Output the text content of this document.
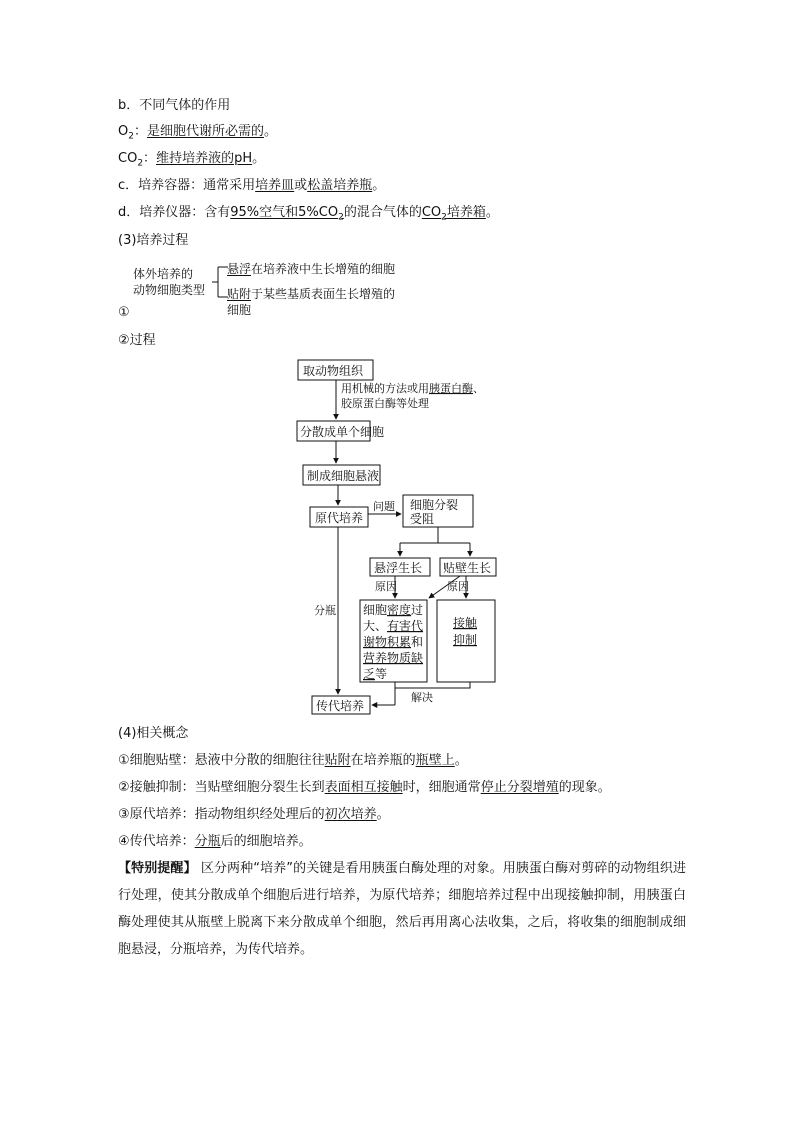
b．不同气体的作用
$O_2$：是细胞代谢所必需的。
$CO_2$：维持培养液的pH。
c．培养容器：通常采用培养皿或松盖培养瓶。
d．培养仪器：含有95%空气和$5\%CO_2$的混合气体的$CO_2$培养箱。
(3)培养过程
体外培养的
动物细胞类型
悬浮在培养液中生长增殖的细胞
贴附于某些基质表面生长增殖的
细胞
①
②过程
取动物组织
分散成单个细胞
制成细胞悬液
原代培养
细胞分裂
受阻
悬浮生长 贴壁生长
传代培养
用机械的方法或用胰蛋白酶、
胶原蛋白酶等处理
问题
原因	原因
分瓶
解决
细胞密度过
大、有害代
谢物积累和
营养物质缺
乏等
接触
抑制
(4)相关概念
①细胞贴壁：悬液中分散的细胞往往贴附在培养瓶的瓶壁上。
②接触抑制：当贴壁细胞分裂生长到表面相互接触时，细胞通常停止分裂增殖的现象。
③原代培养：指动物组织经处理后的初次培养。
④传代培养：分瓶后的细胞培养。
【特别提醒】 区分两种“培养”的关键是看用胰蛋白酶处理的对象。用胰蛋白酶对剪碎的动物组织进行处理，使其分散成单个细胞后进行培养，为原代培养；细胞培养过程中出现接触抑制，用胰蛋白酶处理使其从瓶壁上脱离下来分散成单个细胞，然后再用离心法收集，之后，将收集的细胞制成细胞悬浸，分瓶培养，为传代培养。
